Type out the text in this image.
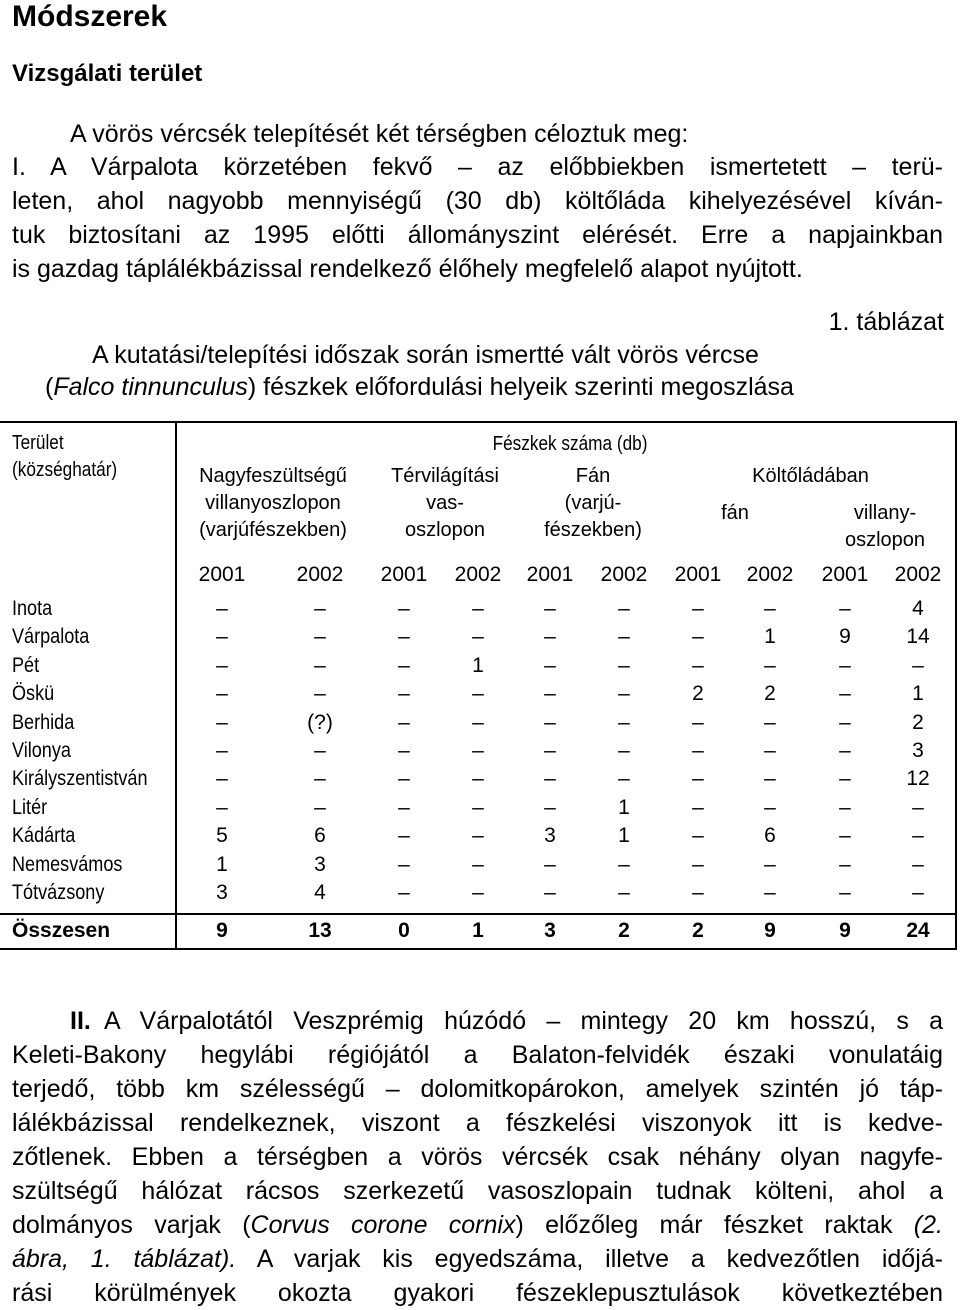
Módszerek
Vizsgálati terület
A vörös vércsék telepítését két térségben céloztuk meg:
I. A Várpalota körzetében fekvő – az előbbiekben ismertetett – terü-
leten, ahol nagyobb mennyiségű (30 db) költőláda kihelyezésével kíván-
tuk biztosítani az 1995 előtti állományszint elérését. Erre a napjainkban
is gazdag táplálékbázissal rendelkező élőhely megfelelő alapot nyújtott.
1. táblázat
A kutatási/telepítési időszak során ismertté vált vörös vércse
(Falco tinnunculus) fészkek előfordulási helyeik szerinti megoszlása
Terület
(községhatár)
Fészkek száma (db)
Nagyfeszültségű
villanyoszlopon
(varjúfészekben)
Térvilágítási
vas-
oszlopon
Fán
(varjú-
fészekben)
Költőládában
fán	villany-
oszlopon
2001	2002	2001	2002	2001	2002	2001	2002	2001	2002
Inota	–	–	–	–	–	–	–	–	–	4
Várpalota	–	–	–	–	–	–	–	1	9	14
Pét	–	–	–	1	–	–	–	–	–	–
Öskü	–	–	–	–	–	–	2	2	–	1
Berhida	–	(?)	–	–	–	–	–	–	–	2
Vilonya	–	–	–	–	–	–	–	–	–	3
Királyszentistván	–	–	–	–	–	–	–	–	–	12
Litér	–	–	–	–	–	1	–	–	–	–
Kádárta	5	6	–	–	3	1	–	6	–	–
Nemesvámos	1	3	–	–	–	–	–	–	–	–
Tótvázsony	3	4	–	–	–	–	–	–	–	–
Összesen	9	13	0	1	3	2	2	9	9	24
II. A Várpalotától Veszprémig húzódó – mintegy 20 km hosszú, s a
Keleti-Bakony hegylábi régiójától a Balaton-felvidék északi vonulatáig
terjedő, több km szélességű – dolomitkopárokon, amelyek szintén jó táp-
lálékbázissal rendelkeznek, viszont a fészkelési viszonyok itt is kedve-
zőtlenek. Ebben a térségben a vörös vércsék csak néhány olyan nagyfe-
szültségű hálózat rácsos szerkezetű vasoszlopain tudnak költeni, ahol a
dolmányos varjak (Corvus corone cornix) előzőleg már fészket raktak (2.
ábra, 1. táblázat). A varjak kis egyedszáma, illetve a kedvezőtlen időjá-
rási körülmények okozta gyakori fészeklepusztulások következtében
